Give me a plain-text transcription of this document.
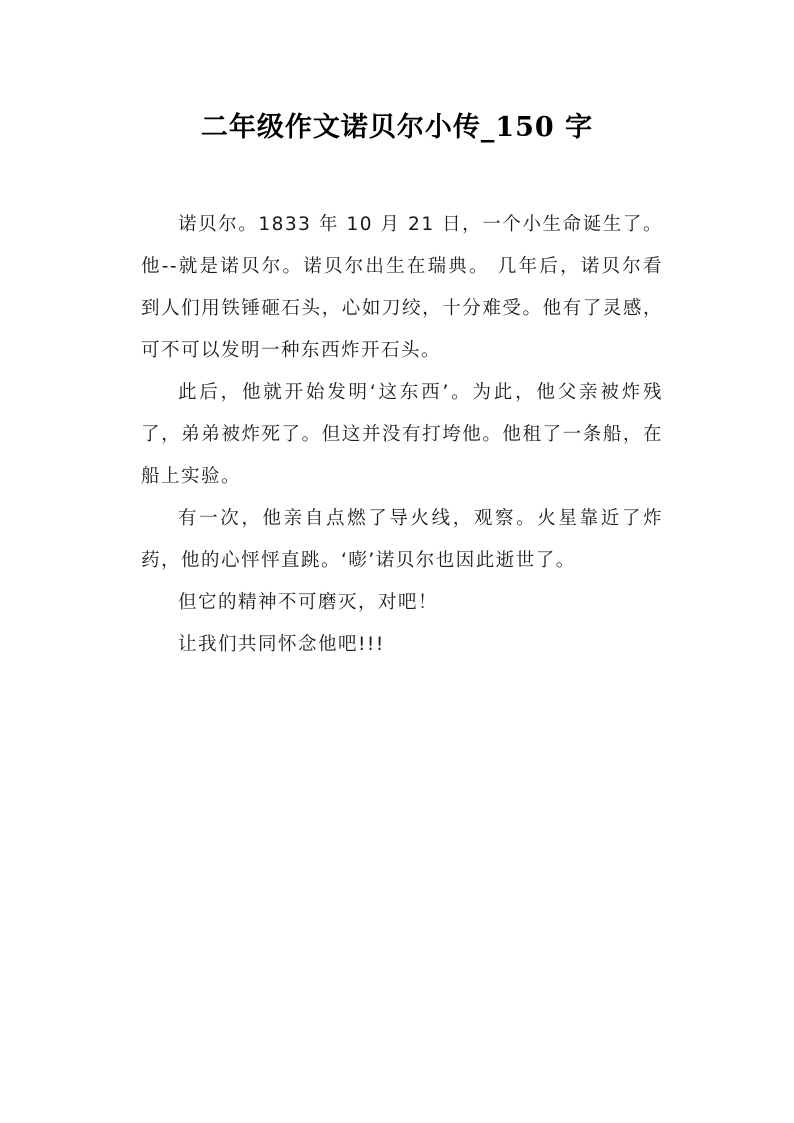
二年级作文诺贝尔小传_150 字

诺贝尔。1833 年 10 月 21 日，一个小生命诞生了。他--就是诺贝尔。诺贝尔出生在瑞典。 几年后，诺贝尔看到人们用铁锤砸石头，心如刀绞，十分难受。他有了灵感，可不可以发明一种东西炸开石头。

此后，他就开始发明‘这东西’。为此，他父亲被炸残了，弟弟被炸死了。但这并没有打垮他。他租了一条船，在船上实验。

有一次，他亲自点燃了导火线，观察。火星靠近了炸药，他的心怦怦直跳。‘嘭’诺贝尔也因此逝世了。

但它的精神不可磨灭，对吧！

让我们共同怀念他吧!!!
